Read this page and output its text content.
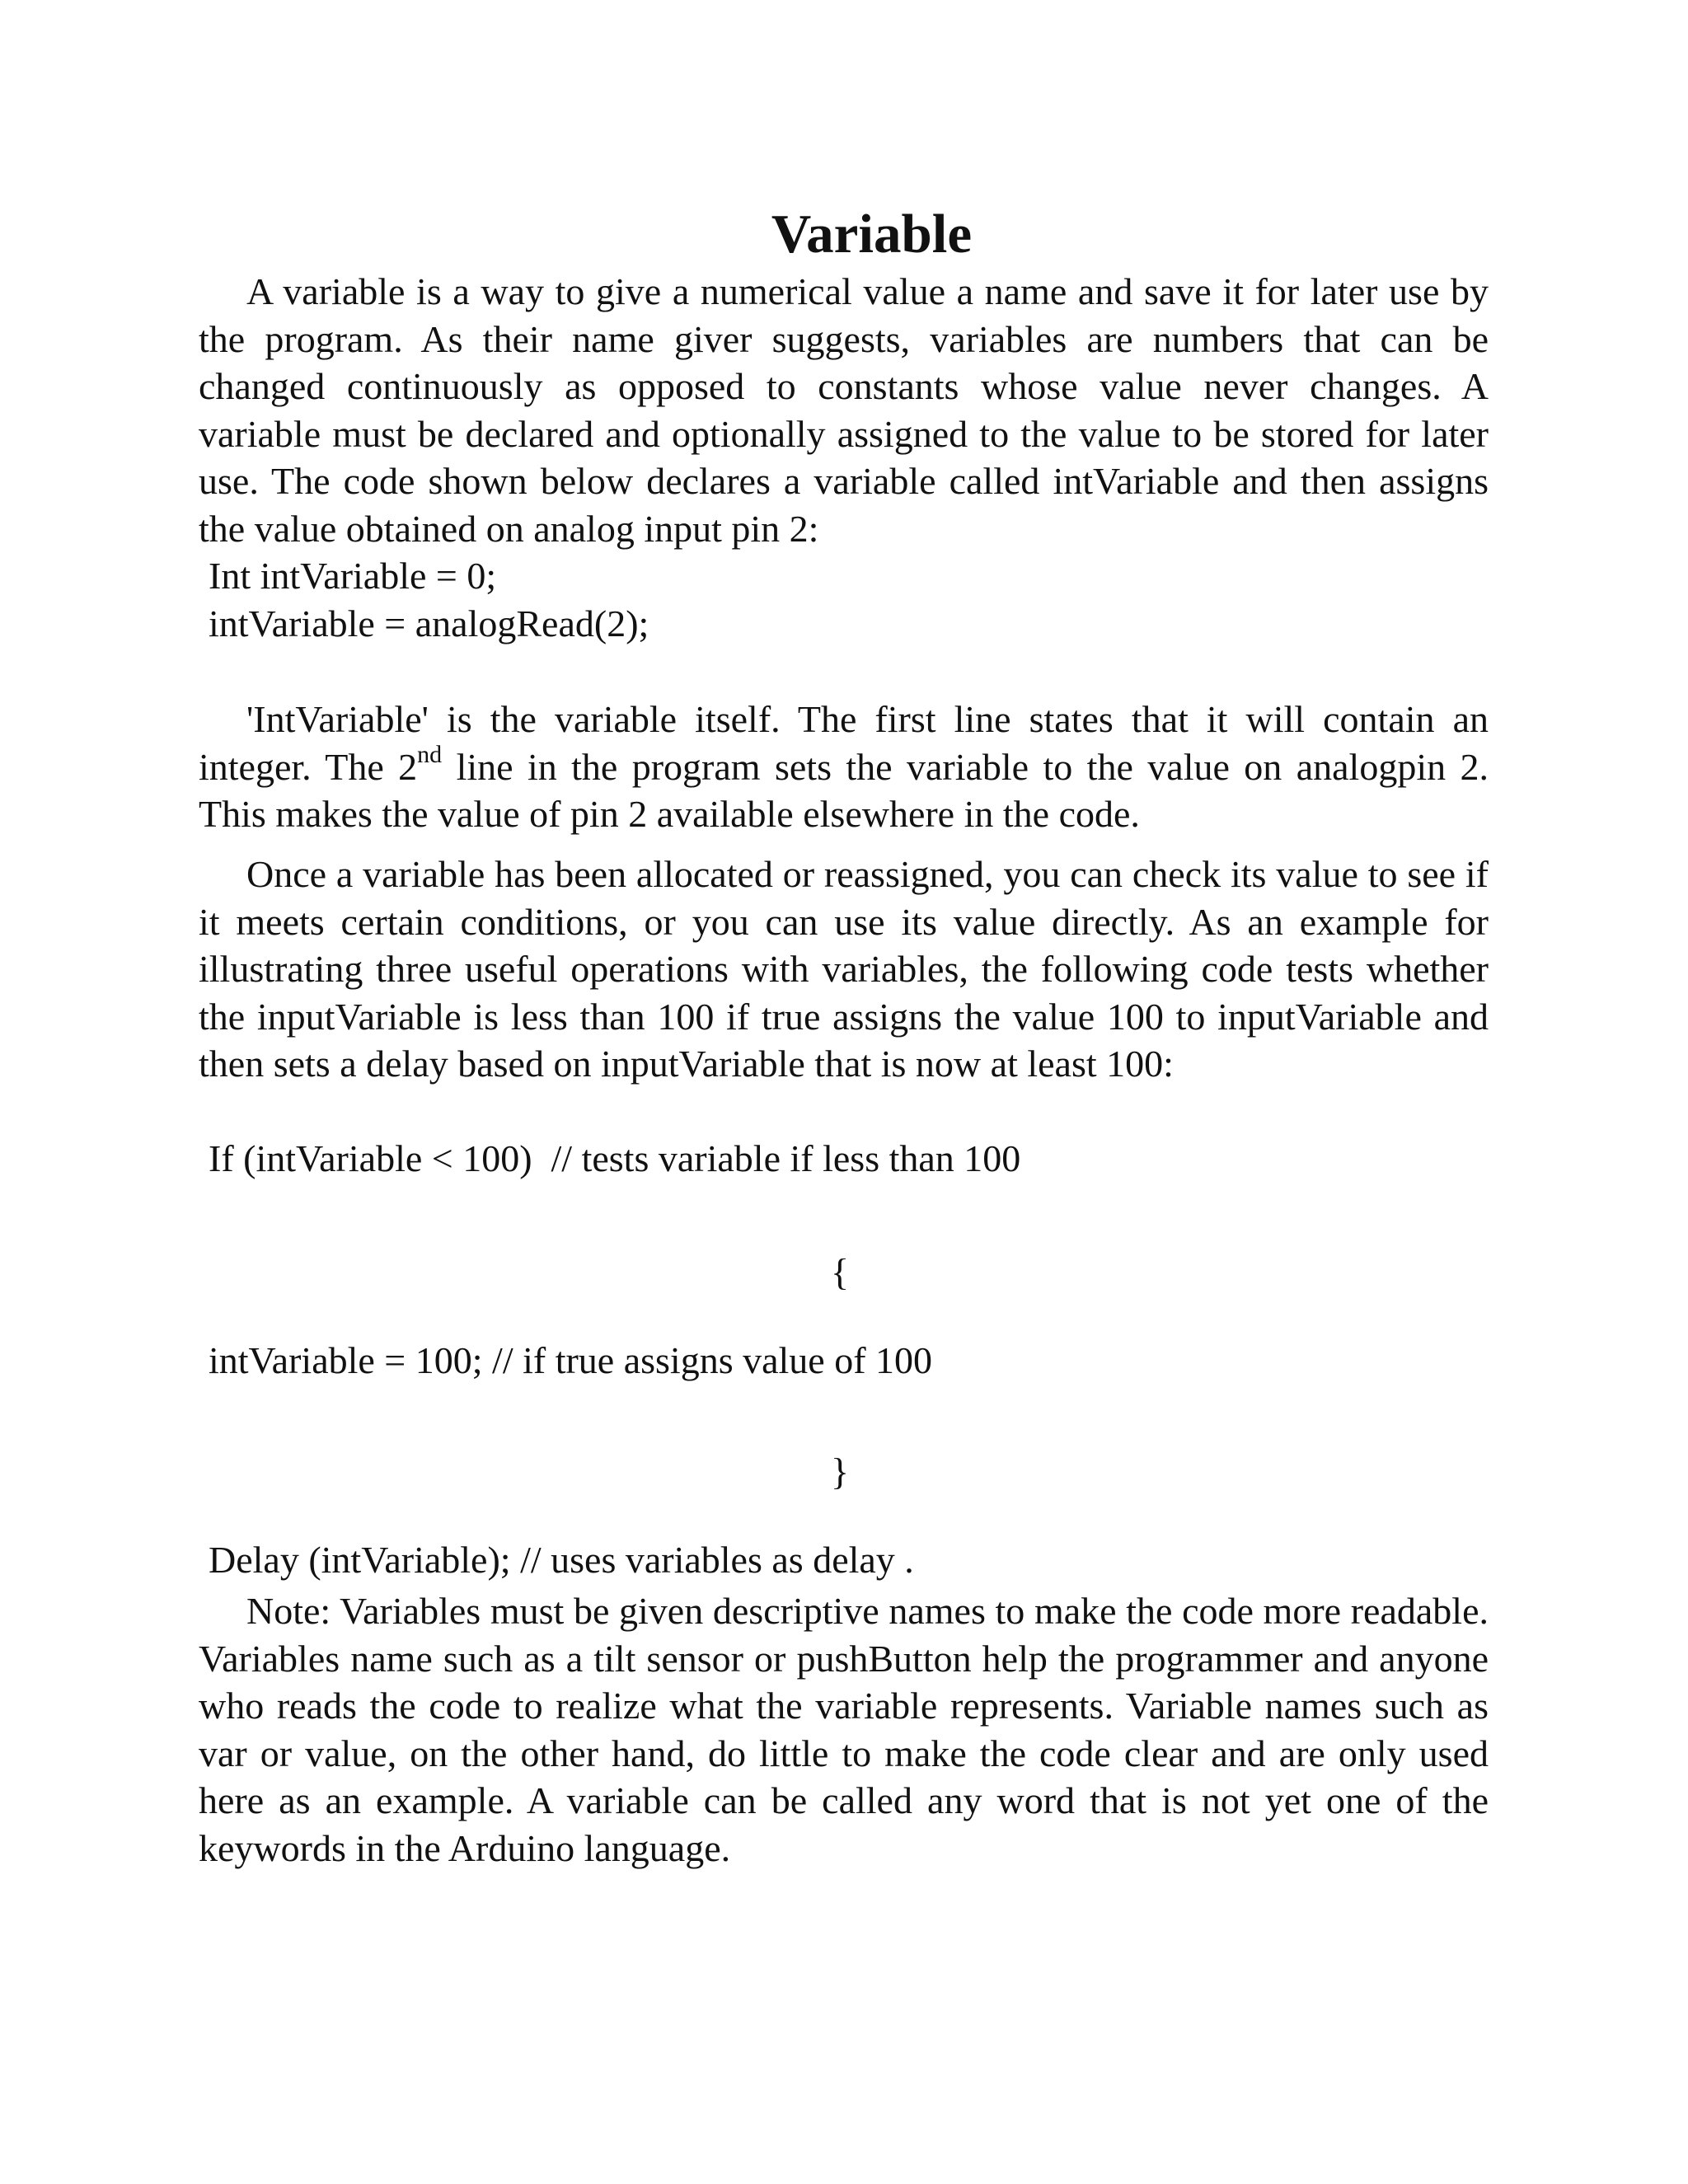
Variable

A variable is a way to give a numerical value a name and save it for later use by the program. As their name giver suggests, variables are numbers that can be changed continuously as opposed to constants whose value never changes. A variable must be declared and optionally assigned to the value to be stored for later use. The code shown below declares a variable called intVariable and then assigns the value obtained on analog input pin 2:

Int intVariable = 0;
intVariable = analogRead(2);

'IntVariable' is the variable itself. The first line states that it will contain an integer. The 2nd line in the program sets the variable to the value on analogpin 2. This makes the value of pin 2 available elsewhere in the code.

Once a variable has been allocated or reassigned, you can check its value to see if it meets certain conditions, or you can use its value directly. As an example for illustrating three useful operations with variables, the following code tests whether the inputVariable is less than 100 if true assigns the value 100 to inputVariable and then sets a delay based on inputVariable that is now at least 100:

If (intVariable < 100)  // tests variable if less than 100
{
intVariable = 100; // if true assigns value of 100
}
Delay (intVariable); // uses variables as delay .

Note: Variables must be given descriptive names to make the code more readable. Variables name such as a tilt sensor or pushButton help the programmer and anyone who reads the code to realize what the variable represents. Variable names such as var or value, on the other hand, do little to make the code clear and are only used here as an example. A variable can be called any word that is not yet one of the keywords in the Arduino language.
